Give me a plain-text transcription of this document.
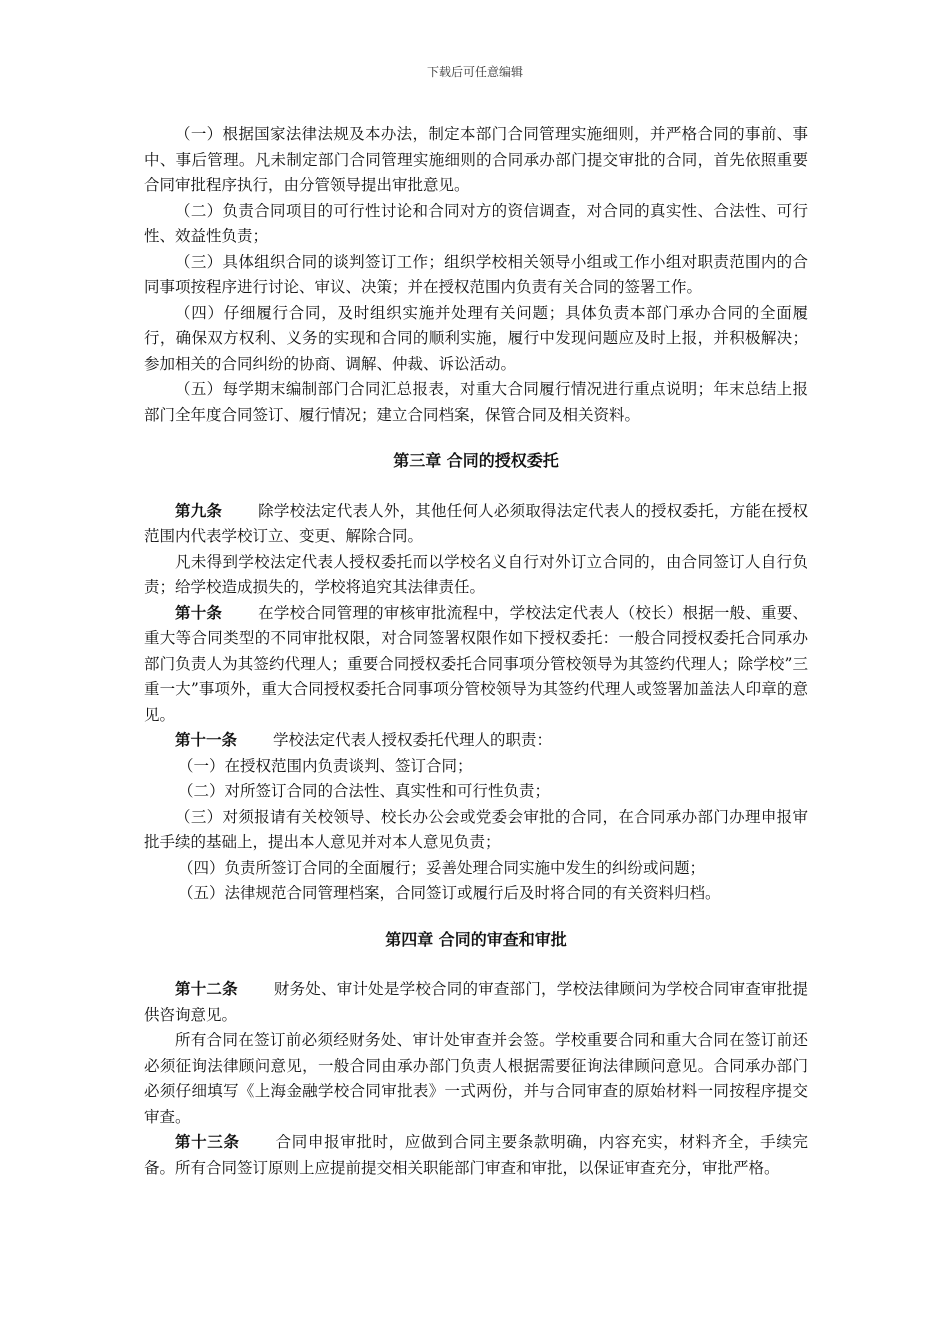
下载后可任意编辑

（一）根据国家法律法规及本办法，制定本部门合同管理实施细则，并严格合同的事前、事中、事后管理。凡未制定部门合同管理实施细则的合同承办部门提交审批的合同，首先依照重要合同审批程序执行，由分管领导提出审批意见。

（二）负责合同项目的可行性讨论和合同对方的资信调查，对合同的真实性、合法性、可行性、效益性负责；

（三）具体组织合同的谈判签订工作；组织学校相关领导小组或工作小组对职责范围内的合同事项按程序进行讨论、审议、决策；并在授权范围内负责有关合同的签署工作。

（四）仔细履行合同，及时组织实施并处理有关问题；具体负责本部门承办合同的全面履行，确保双方权利、义务的实现和合同的顺利实施，履行中发现问题应及时上报，并积极解决；参加相关的合同纠纷的协商、调解、仲裁、诉讼活动。

（五）每学期末编制部门合同汇总报表，对重大合同履行情况进行重点说明；年末总结上报部门全年度合同签订、履行情况；建立合同档案，保管合同及相关资料。

第三章 合同的授权委托

第九条 除学校法定代表人外，其他任何人必须取得法定代表人的授权委托，方能在授权范围内代表学校订立、变更、解除合同。

凡未得到学校法定代表人授权委托而以学校名义自行对外订立合同的，由合同签订人自行负责；给学校造成损失的，学校将追究其法律责任。

第十条 在学校合同管理的审核审批流程中，学校法定代表人（校长）根据一般、重要、重大等合同类型的不同审批权限，对合同签署权限作如下授权委托：一般合同授权委托合同承办部门负责人为其签约代理人；重要合同授权委托合同事项分管校领导为其签约代理人；除学校”三重一大”事项外，重大合同授权委托合同事项分管校领导为其签约代理人或签署加盖法人印章的意见。

第十一条 学校法定代表人授权委托代理人的职责：

（一）在授权范围内负责谈判、签订合同；

（二）对所签订合同的合法性、真实性和可行性负责；

（三）对须报请有关校领导、校长办公会或党委会审批的合同，在合同承办部门办理申报审批手续的基础上，提出本人意见并对本人意见负责；

（四）负责所签订合同的全面履行；妥善处理合同实施中发生的纠纷或问题；

（五）法律规范合同管理档案，合同签订或履行后及时将合同的有关资料归档。

第四章 合同的审查和审批

第十二条 财务处、审计处是学校合同的审查部门，学校法律顾问为学校合同审查审批提供咨询意见。

所有合同在签订前必须经财务处、审计处审查并会签。学校重要合同和重大合同在签订前还必须征询法律顾问意见，一般合同由承办部门负责人根据需要征询法律顾问意见。合同承办部门必须仔细填写《上海金融学校合同审批表》一式两份，并与合同审查的原始材料一同按程序提交审查。

第十三条 合同申报审批时，应做到合同主要条款明确，内容充实，材料齐全，手续完备。所有合同签订原则上应提前提交相关职能部门审查和审批，以保证审查充分，审批严格。
